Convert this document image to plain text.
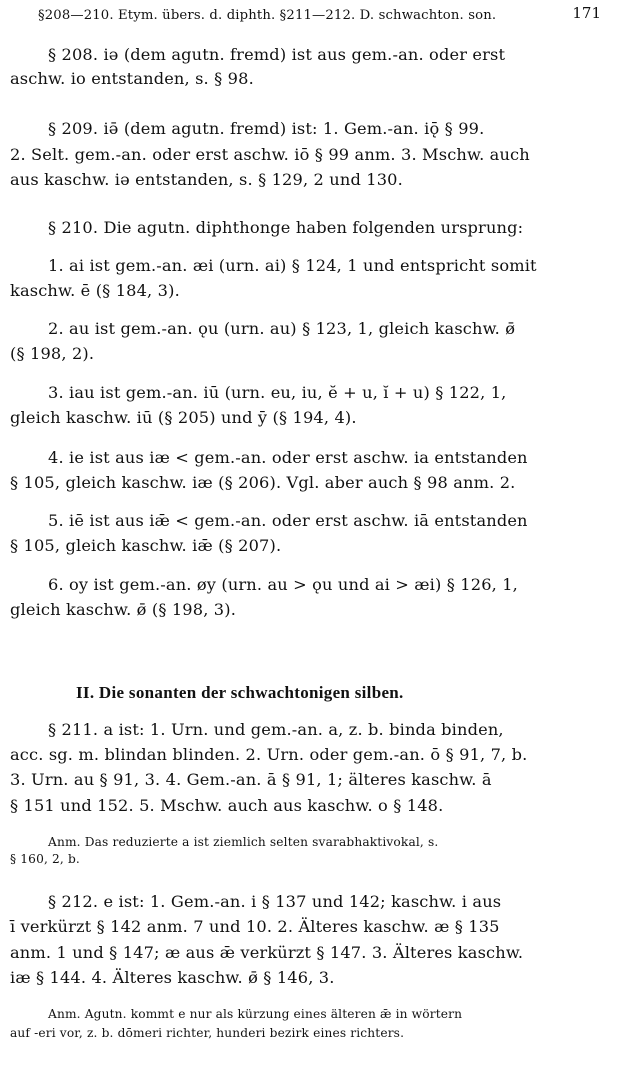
§208—210. Etym. übers. d. diphth. §211—212. D. schwachton. son.	171
§ 208. iə (dem agutn. fremd) ist aus gem.-an. oder erst
aschw. io entstanden, s. § 98.
§ 209. iə̄ (dem agutn. fremd) ist: 1. Gem.-an. iǭ § 99.
2. Selt. gem.-an. oder erst aschw. iō § 99 anm. 3. Mschw. auch
aus kaschw. iə entstanden, s. § 129, 2 und 130.
§ 210. Die agutn. diphthonge haben folgenden ursprung:
1. ai ist gem.-an. æi (urn. ai) § 124, 1 und entspricht somit
kaschw. ē (§ 184, 3).
2. au ist gem.-an. ǫu (urn. au) § 123, 1, gleich kaschw. ø̄
(§ 198, 2).
3. iau ist gem.-an. iū (urn. eu, iu, ĕ + u, ĭ + u) § 122, 1,
gleich kaschw. iū (§ 205) und ȳ (§ 194, 4).
4. ie ist aus iæ < gem.-an. oder erst aschw. ia entstanden
§ 105, gleich kaschw. iæ (§ 206). Vgl. aber auch § 98 anm. 2.
5. iē ist aus iǣ < gem.-an. oder erst aschw. iā entstanden
§ 105, gleich kaschw. iǣ (§ 207).
6. oy ist gem.-an. øy (urn. au > ǫu und ai > æi) § 126, 1,
gleich kaschw. ø̄ (§ 198, 3).
II. Die sonanten der schwachtonigen silben.
§ 211. a ist: 1. Urn. und gem.-an. a, z. b. binda binden,
acc. sg. m. blindan blinden. 2. Urn. oder gem.-an. ō § 91, 7, b.
3. Urn. au § 91, 3. 4. Gem.-an. ā § 91, 1; älteres kaschw. ā
§ 151 und 152. 5. Mschw. auch aus kaschw. o § 148.
Anm. Das reduzierte a ist ziemlich selten svarabhaktivokal, s.
§ 160, 2, b.
§ 212. e ist: 1. Gem.-an. i § 137 und 142; kaschw. i aus
ī verkürzt § 142 anm. 7 und 10. 2. Älteres kaschw. æ § 135
anm. 1 und § 147; æ aus ǣ verkürzt § 147. 3. Älteres kaschw.
iæ § 144. 4. Älteres kaschw. ø̄ § 146, 3.
Anm. Agutn. kommt e nur als kürzung eines älteren ǣ in wörtern
auf -eri vor, z. b. dōmeri richter, hunderi bezirk eines richters.
